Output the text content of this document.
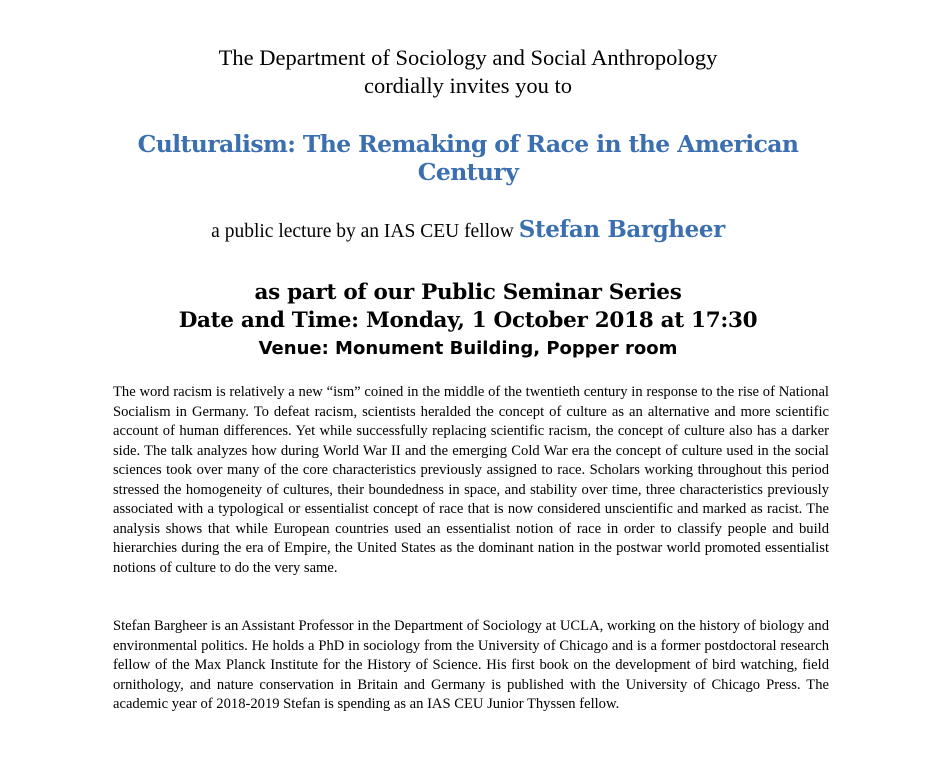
The Department of Sociology and Social Anthropology
cordially invites you to
Culturalism: The Remaking of Race in the American Century
a public lecture by an IAS CEU fellow Stefan Bargheer
as part of our Public Seminar Series
Date and Time: Monday, 1 October 2018 at 17:30
Venue: Monument Building, Popper room

The word racism is relatively a new “ism” coined in the middle of the twentieth century in response to the rise of National Socialism in Germany. To defeat racism, scientists heralded the concept of culture as an alternative and more scientific account of human differences. Yet while successfully replacing scientific racism, the concept of culture also has a darker side. The talk analyzes how during World War II and the emerging Cold War era the concept of culture used in the social sciences took over many of the core characteristics previously assigned to race. Scholars working throughout this period stressed the homogeneity of cultures, their boundedness in space, and stability over time, three characteristics previously associated with a typological or essentialist concept of race that is now considered unscientific and marked as racist. The analysis shows that while European countries used an essentialist notion of race in order to classify people and build hierarchies during the era of Empire, the United States as the dominant nation in the postwar world promoted essentialist notions of culture to do the very same.

Stefan Bargheer is an Assistant Professor in the Department of Sociology at UCLA, working on the history of biology and environmental politics. He holds a PhD in sociology from the University of Chicago and is a former postdoctoral research fellow of the Max Planck Institute for the History of Science. His first book on the development of bird watching, field ornithology, and nature conservation in Britain and Germany is published with the University of Chicago Press. The academic year of 2018-2019 Stefan is spending as an IAS CEU Junior Thyssen fellow.
